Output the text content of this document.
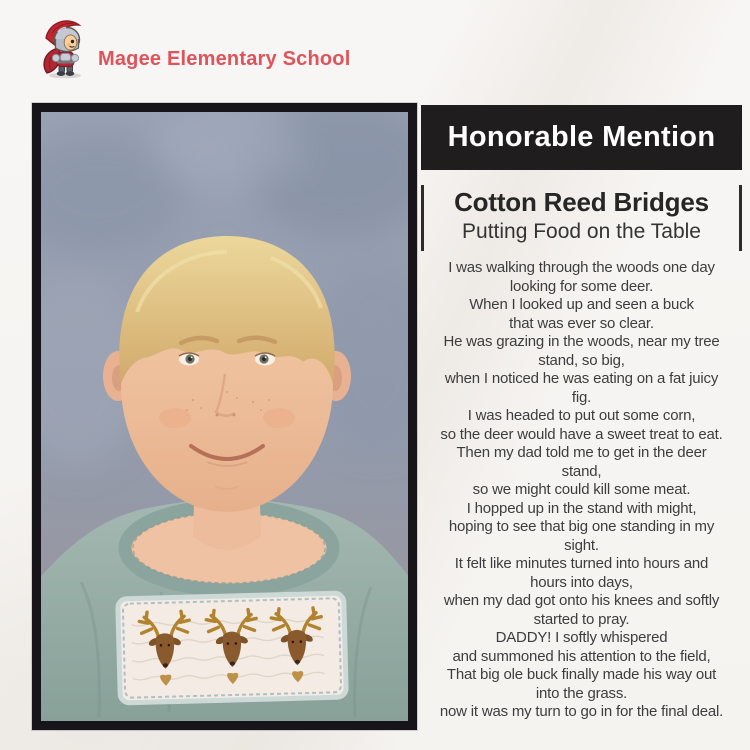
Magee Elementary School
Honorable Mention
Cotton Reed Bridges
Putting Food on the Table
I was walking through the woods one day
looking for some deer.
When I looked up and seen a buck
that was ever so clear.
He was grazing in the woods, near my tree
stand, so big,
when I noticed he was eating on a fat juicy
fig.
I was headed to put out some corn,
so the deer would have a sweet treat to eat.
Then my dad told me to get in the deer
stand,
so we might could kill some meat.
I hopped up in the stand with might,
hoping to see that big one standing in my
sight.
It felt like minutes turned into hours and
hours into days,
when my dad got onto his knees and softly
started to pray.
DADDY! I softly whispered
and summoned his attention to the field,
That big ole buck finally made his way out
into the grass.
now it was my turn to go in for the final deal.
